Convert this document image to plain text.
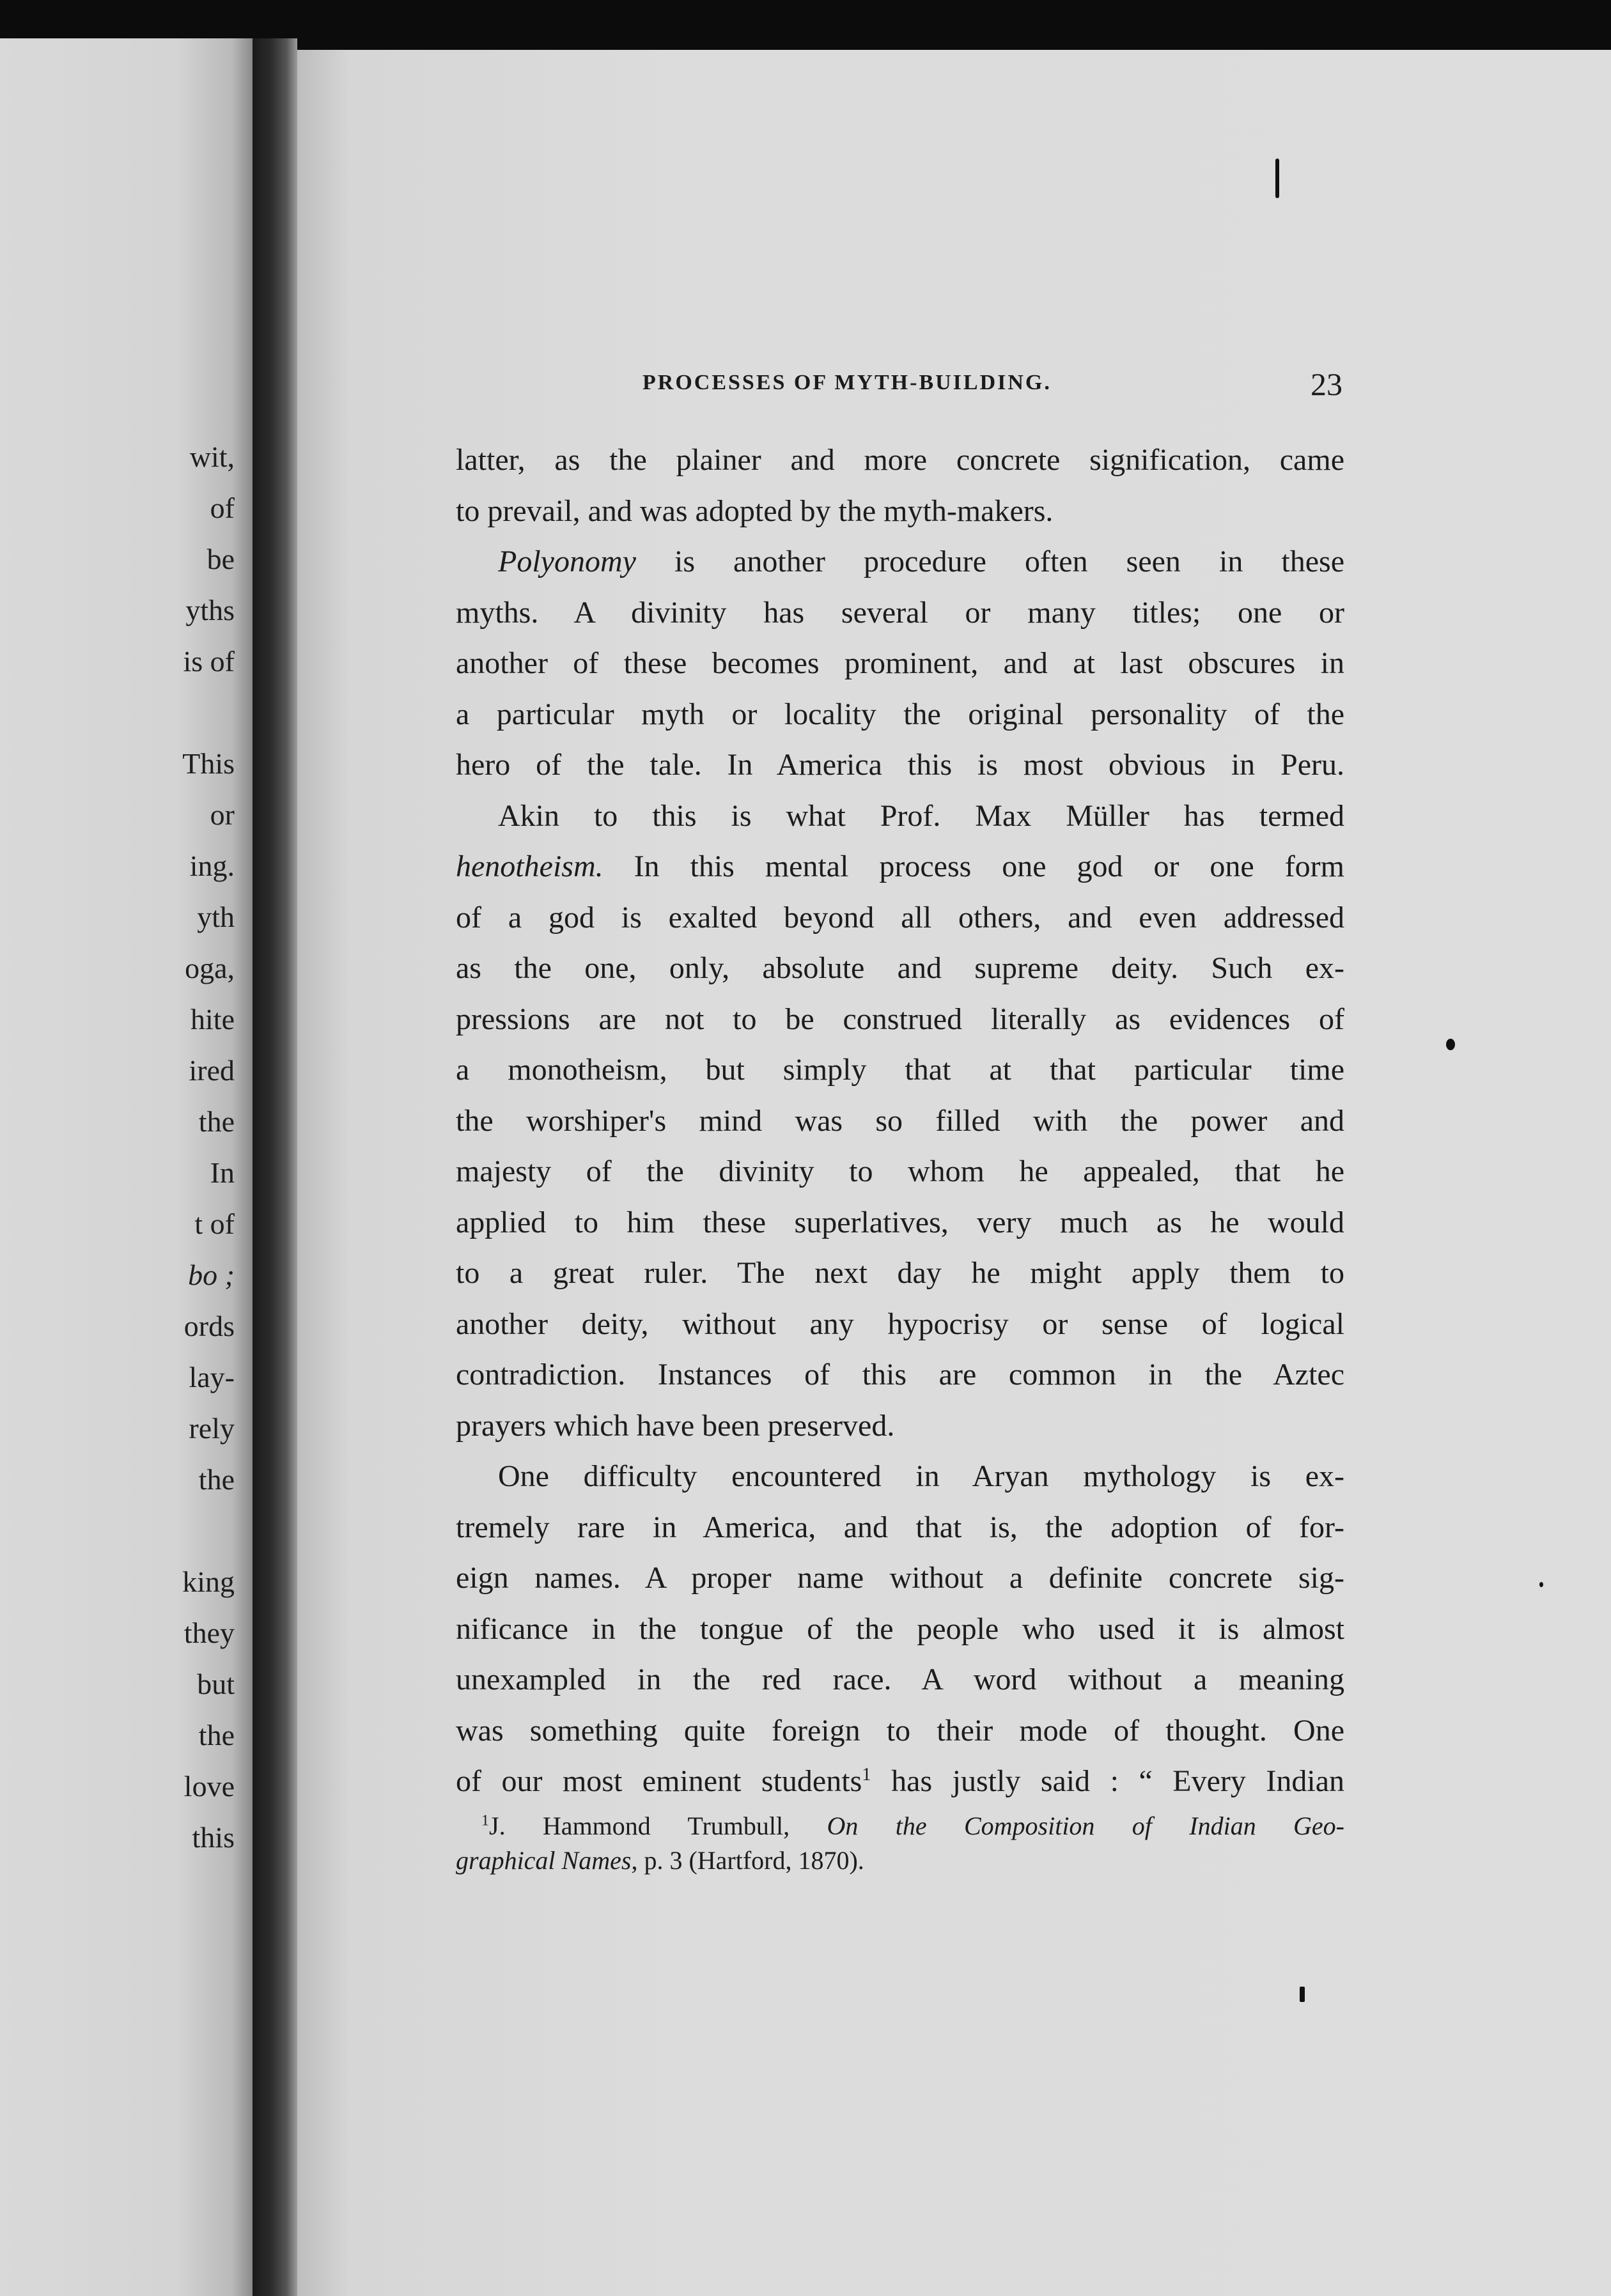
wit,
of
be
yths
is of
This
or
ing.
yth
oga,
hite
ired
the
In
t of
bo ;
ords
lay-
rely
the
king
they
but
the
love
this
PROCESSES OF MYTH-BUILDING.	23
latter, as the plainer and more concrete signification, came
to prevail, and was adopted by the myth-makers.
Polyonomy is another procedure often seen in these
myths. A divinity has several or many titles; one or
another of these becomes prominent, and at last obscures in
a particular myth or locality the original personality of the
hero of the tale. In America this is most obvious in Peru.
Akin to this is what Prof. Max Müller has termed
henotheism. In this mental process one god or one form
of a god is exalted beyond all others, and even addressed
as the one, only, absolute and supreme deity. Such ex-
pressions are not to be construed literally as evidences of
a monotheism, but simply that at that particular time
the worshiper's mind was so filled with the power and
majesty of the divinity to whom he appealed, that he
applied to him these superlatives, very much as he would
to a great ruler. The next day he might apply them to
another deity, without any hypocrisy or sense of logical
contradiction. Instances of this are common in the Aztec
prayers which have been preserved.
One difficulty encountered in Aryan mythology is ex-
tremely rare in America, and that is, the adoption of for-
eign names. A proper name without a definite concrete sig-
nificance in the tongue of the people who used it is almost
unexampled in the red race. A word without a meaning
was something quite foreign to their mode of thought. One
of our most eminent students$^1$ has justly said : “ Every Indian
$^1$J. Hammond Trumbull, On the Composition of Indian Geo-
graphical Names, p. 3 (Hartford, 1870).
